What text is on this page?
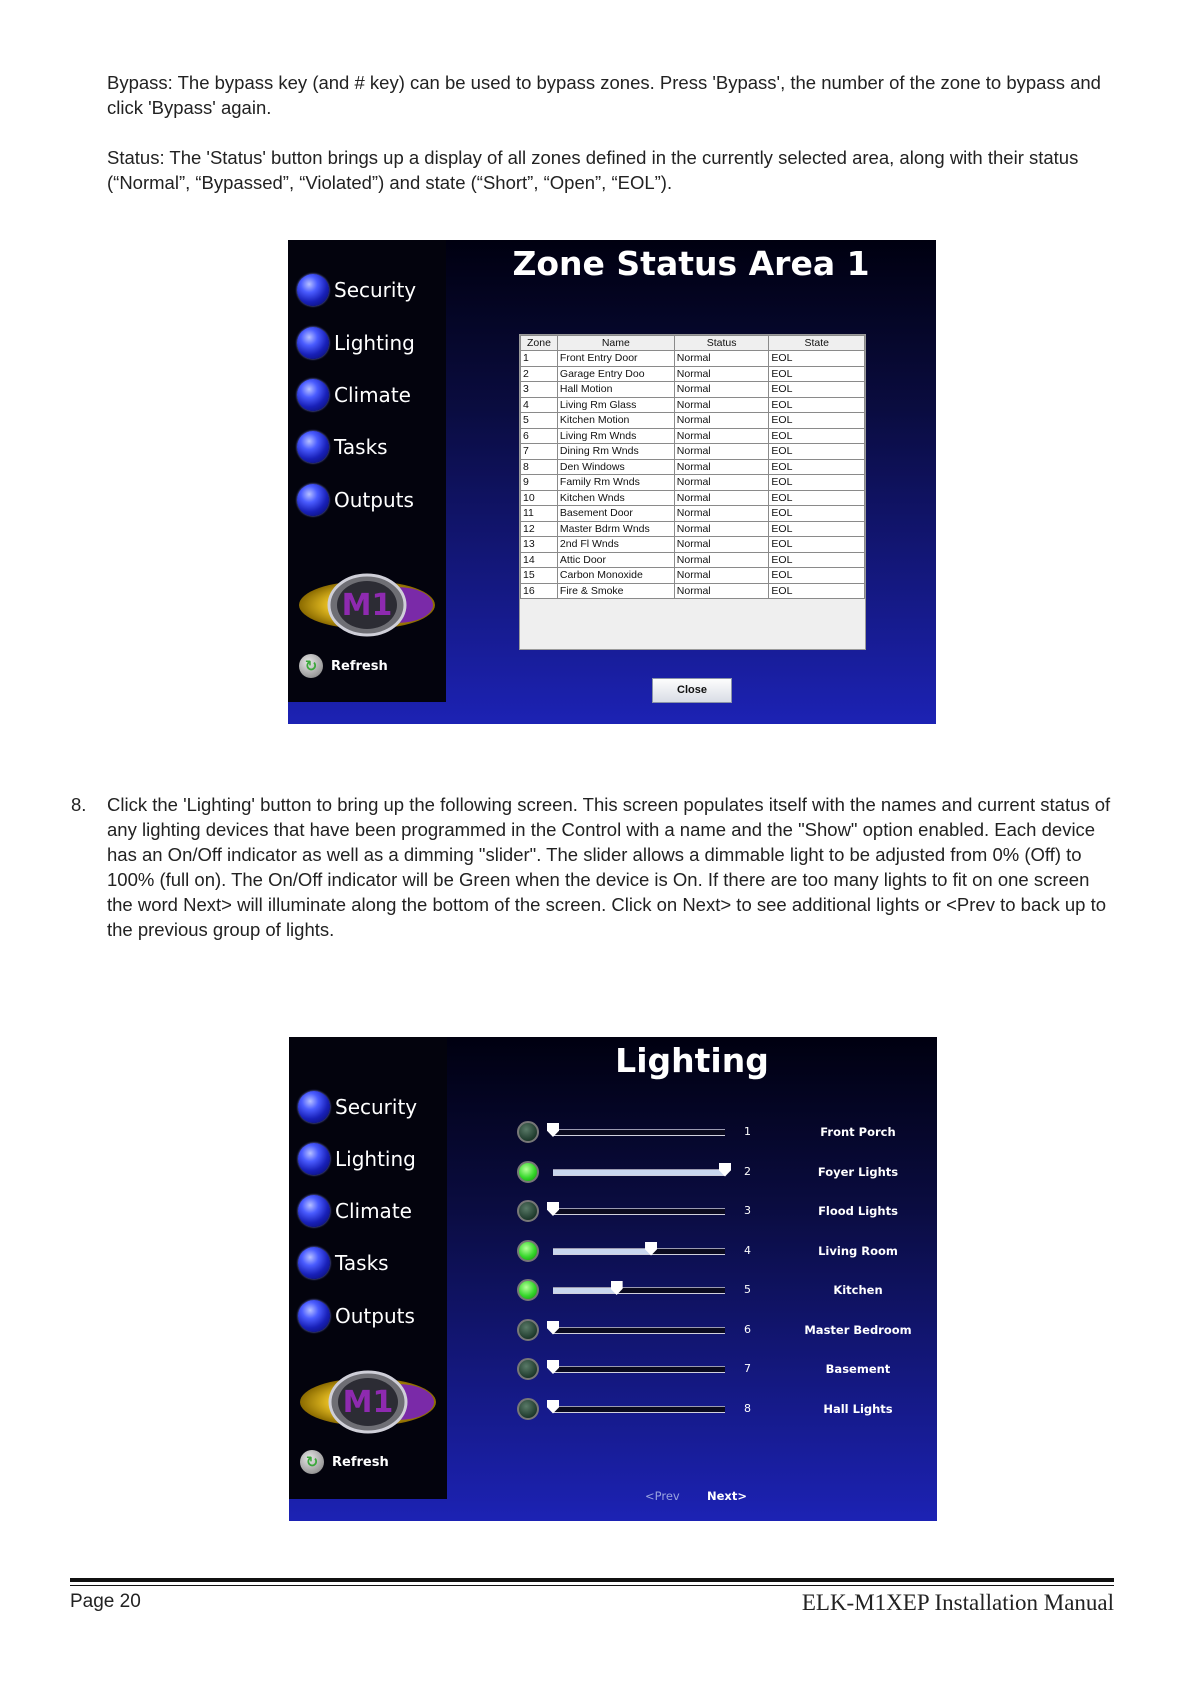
Bypass: The bypass key (and # key) can be used to bypass zones. Press 'Bypass', the number of the zone to bypass and click 'Bypass' again.

Status: The 'Status' button brings up a display of all zones defined in the currently selected area, along with their status (“Normal”, “Bypassed”, “Violated”) and state (“Short”, “Open”, “EOL”).

Security
Lighting
Climate
Tasks
Outputs
M1
↻	Refresh
Zone Status Area 1
Zone	Name	Status	State
1	Front Entry Door	Normal	EOL
2	Garage Entry Doo	Normal	EOL
3	Hall Motion	Normal	EOL
4	Living Rm Glass	Normal	EOL
5	Kitchen Motion	Normal	EOL
6	Living Rm Wnds	Normal	EOL
7	Dining Rm Wnds	Normal	EOL
8	Den Windows	Normal	EOL
9	Family Rm Wnds	Normal	EOL
10	Kitchen Wnds	Normal	EOL
11	Basement Door	Normal	EOL
12	Master Bdrm Wnds	Normal	EOL
13	2nd Fl Wnds	Normal	EOL
14	Attic Door	Normal	EOL
15	Carbon Monoxide	Normal	EOL
16	Fire & Smoke	Normal	EOL
Close
8. Click the 'Lighting' button to bring up the following screen. This screen populates itself with the names and current status of any lighting devices that have been programmed in the Control with a name and the "Show" option enabled. Each device has an On/Off indicator as well as a dimming "slider". The slider allows a dimmable light to be adjusted from 0% (Off) to 100% (full on). The On/Off indicator will be Green when the device is On. If there are too many lights to fit on one screen the word Next> will illuminate along the bottom of the screen. Click on Next> to see additional lights or <Prev to back up to the previous group of lights.

Security
Lighting
Climate
Tasks
Outputs
M1
↻	Refresh
Lighting
1	Front Porch
2	Foyer Lights
3	Flood Lights
4	Living Room
5	Kitchen
6	Master Bedroom
7	Basement
8	Hall Lights
<Prev Next>
Page 20	ELK-M1XEP Installation Manual
